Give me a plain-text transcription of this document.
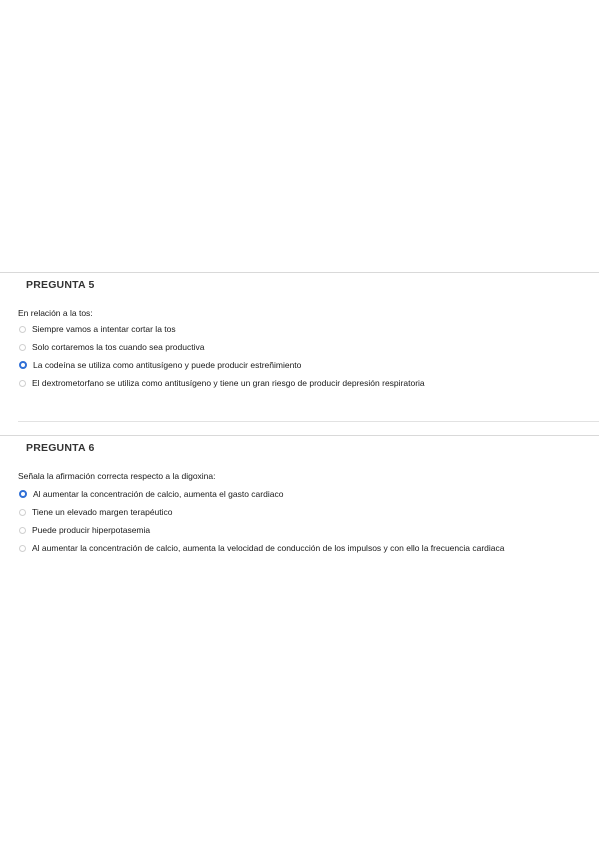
PREGUNTA 5
En relación a la tos:
Siempre vamos a intentar cortar la tos
Solo cortaremos la tos cuando sea productiva
La codeína se utiliza como antitusígeno y puede producir estreñimiento
El dextrometorfano se utiliza como antitusígeno y tiene un gran riesgo de producir depresión respiratoria
PREGUNTA 6
Señala la afirmación correcta respecto a la digoxina:
Al aumentar la concentración de calcio, aumenta el gasto cardiaco
Tiene un elevado margen terapéutico
Puede producir hiperpotasemia
Al aumentar la concentración de calcio, aumenta la velocidad de conducción de los impulsos y con ello la frecuencia cardiaca
